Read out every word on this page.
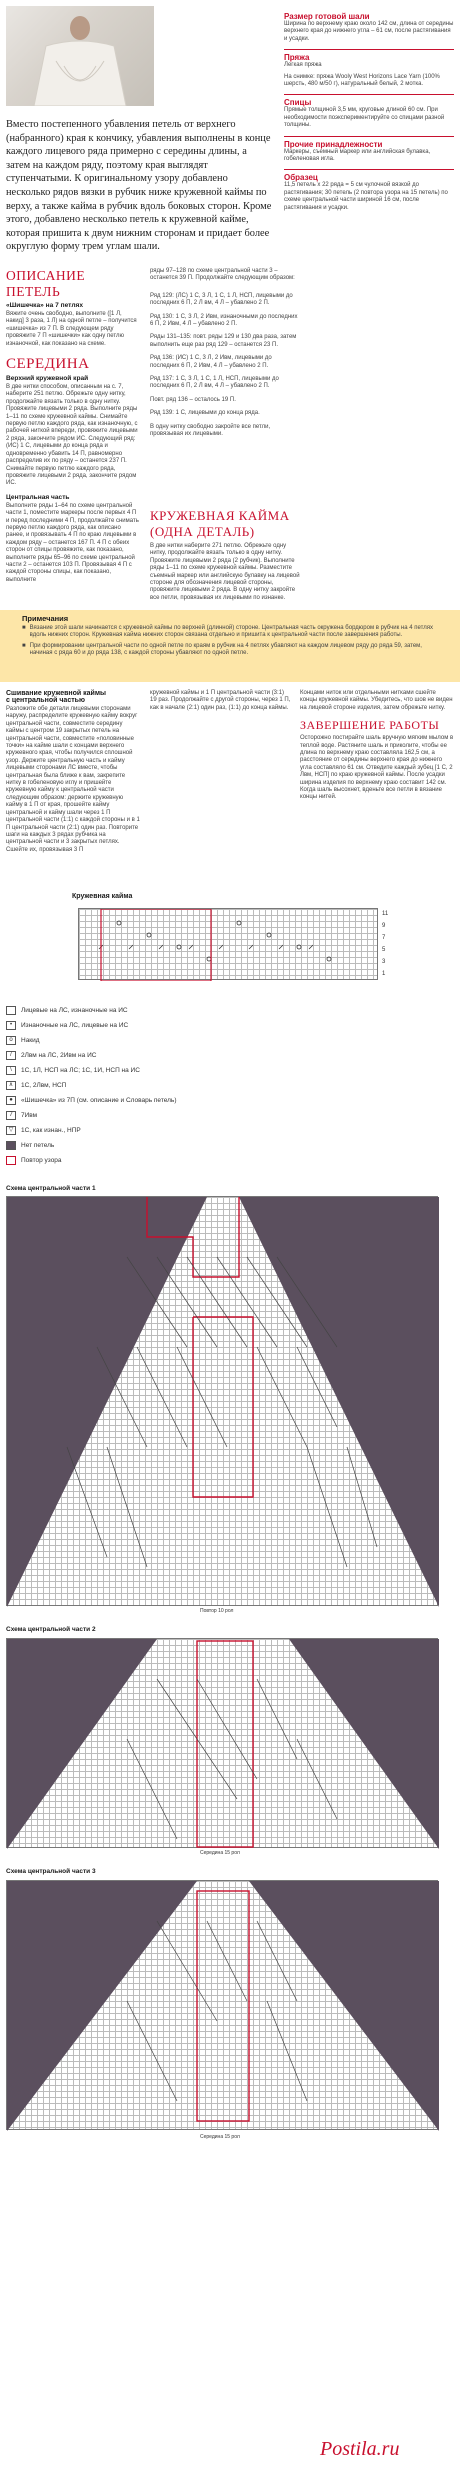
Вместо постепенного убавления петель от верхнего (набранного) края к кончику, убавления выполнены в конце каждого лицевого ряда примерно с середины длины, а затем на каждом ряду, поэтому края выглядят ступенчатыми. К оригинальному узору добавлено несколько рядов вязки в рубчик ниже кружевной каймы по верху, а также кайма в рубчик вдоль боковых сторон. Кроме этого, добавлено несколько петель к кружевной кайме, которая пришита к двум нижним сторонам и придает более округлую форму трем углам шали.
Размер готовой шали
Ширина по верхнему краю около 142 см, длина от середины верхнего края до нижнего угла – 61 см, после растягивания и усадки.
Пряжа
Легкая пряжа
На снимке: пряжа Wooly West Horizons Lace Yarn (100% шерсть, 480 м/50 г), натуральный белый, 2 мотка.
Спицы
Прямые толщиной 3,5 мм, круговые длиной 60 см. При необходимости поэкспериментируйте со спицами разной толщины.
Прочие принадлежности
Маркеры, съемный маркер или английская булавка, гобеленовая игла.
Образец
11,5 петель х 22 ряда = 5 см чулочной вязкой до растягивания; 30 петель (2 повтора узора на 15 петель) по схеме центральной части шириной 16 см, после растягивания и усадки.
ОПИСАНИЕ ПЕТЕЛЬ
«Шишечка» на 7 петлях
Вяжите очень свободно, выполните ([1 Л, накид] 3 раза, 1 Л) на одной петле – получится «шишечка» из 7 П. В следующем ряду провяжите 7 П «шишечки» как одну петлю изнаночной, как показано на схеме.
СЕРЕДИНА
Верхний кружевной край
В две нитки способом, описанным на с. 7, наберите 251 петлю. Обрежьте одну нитку, продолжайте вязать только в одну нитку. Провяжите лицевыми 2 ряда. Выполните ряды 1–11 по схеме кружевной каймы. Снимайте первую петлю каждого ряда, как изнаночную, с рабочей ниткой впереди, провяжите лицевыми 2 ряда, закончите рядом ИС. Следующий ряд: (ИС) 1 С, лицевыми до конца ряда и одновременно убавить 14 П, равномерно распределив их по ряду – останется 237 П. Снимайте первую петлю каждого ряда, провяжите лицевыми 2 ряда, закончите рядом ИС.
Центральная часть
Выполните ряды 1–64 по схеме центральной части 1, поместите маркеры после первых 4 П и перед последними 4 П, продолжайте снимать первую петлю каждого ряда, как описано ранее, и провязывать 4 П по краю лицевыми в каждом ряду – останется 167 П. 4 П с обеих сторон от спицы провяжите, как показано, выполните ряды 65–96 по схеме центральной части 2 – останется 103 П. Провязывая 4 П с каждой стороны спицы, как показано, выполните
ряды 97–128 по схеме центральной части 3 – останется 39 П. Продолжайте следующим образом:
Ряд 129: (ЛС) 1 С, 3 Л, 1 С, 1 Л, НСП, лицевыми до последних 6 П, 2 Л вм, 4 Л – убавлено 2 П.
Ряд 130: 1 С, 3 Л, 2 Ивм, изнаночными до последних 6 П, 2 Ивм, 4 Л – убавлено 2 П.
Ряды 131–135: повт. ряды 129 и 130 два раза, затем выполнить еще раз ряд 129 – останется 23 П.
Ряд 136: (ИС) 1 С, 3 Л, 2 Ивм, лицевыми до последних 6 П, 2 Ивм, 4 Л – убавлено 2 П.
Ряд 137: 1 С, 3 Л, 1 С, 1 Л, НСП, лицевыми до последних 6 П, 2 Л вм, 4 Л – убавлено 2 П.
Повт. ряд 136 – осталось 19 П.
Ряд 139: 1 С, лицевыми до конца ряда.
В одну нитку свободно закройте все петли, провязывая их лицевыми.
КРУЖЕВНАЯ КАЙМА
(ОДНА ДЕТАЛЬ)
В две нитки наберите 271 петлю. Обрежьте одну нитку, продолжайте вязать только в одну нитку. Провяжите лицевыми 2 ряда (2 рубчик). Выполните ряды 1–11 по схеме кружевной каймы. Разместите съемный маркер или английскую булавку на лицевой стороне для обозначения лицевой стороны, провяжите лицевыми 2 ряда. В одну нитку закройте все петли, провязывая их лицевыми по изнанке.
Примечания
■ Вязание этой шали начинается с кружевной каймы по верхней (длинной) стороне. Центральная часть окружена бордюром в рубчик на 4 петлях вдоль нижних сторон. Кружевная кайма нижних сторон связана отдельно и пришита к центральной части после завершения работы.
■ При формировании центральной части по одной петле по краям в рубчик на 4 петлях убавляют на каждом лицевом ряду до ряда 59, затем, начиная с ряда 60 и до ряда 138, с каждой стороны убавляют по одной петле.
Сшивание кружевной каймы
с центральной частью
Разложите обе детали лицевыми сторонами наружу, распределите кружевную кайму вокруг центральной части, совместите середину каймы с центром 19 закрытых петель на центральной части, совместите «половинные точки» на кайме шали с концами верхнего кружевного края, чтобы получился сплошной узор. Держите центральную часть и кайму лицевыми сторонами ЛС вместе, чтобы центральная была ближе к вам, закрепите нитку в гобеленовую иглу и пришейте кружевную кайму к центральной части следующим образом: держите кружевную кайму в 1 П от края, прошейте кайму центральной и кайму шали через 1 П центральной части (1:1) с каждой стороны и в 1 П центральной части (2:1) один раз. Повторите шаги на каждых 3 рядах рубчика на центральной части и 3 закрытых петлях. Сшейте их, провязывая 3 П
кружевной каймы и 1 П центральной части (3:1) 19 раз. Продолжайте с другой стороны, через 1 П, как в начале (2:1) один раз, (1:1) до конца каймы.
Концами ниток или отдельными нитками сшейте концы кружевной каймы. Убедитесь, что шов не виден на лицевой стороне изделия, затем обрежьте нитку.
ЗАВЕРШЕНИЕ РАБОТЫ
Осторожно постирайте шаль вручную мягким мылом в теплой воде. Растяните шаль и приколите, чтобы ее длина по верхнему краю составляла 162,5 см, а расстояние от середины верхнего края до нижнего угла составляло 61 см. Отведите каждый зубец [1 С, 2 Лвм, НСП] по краю кружевной каймы. После усадки ширина изделия по верхнему краю составит 142 см. Когда шаль высохнет, вденьте все петли в вязание концы нитей.
Кружевная кайма
11
9
7
5
3
1
Лицевые на ЛС, изнаночные на ИС
•	Изнаночные на ЛС, лицевые на ИС
o	Накид
/	2Лвм на ЛС, 2Ивм на ИС
\	1С, 1Л, НСП на ЛС; 1С, 1И, НСП на ИС
∧	1С, 2Лвм, НСП
●	«Шишечка» из 7П (см. описание и Словарь петель)
7	7Ивм
▽	1С, как изнан., НПР
Нет петель
Повтор узора
Схема центральной части 1
Повтор 10 рол
Схема центральной части 2
Середина 15 рол
Схема центральной части 3
Середина 15 рол
Postila.ru
